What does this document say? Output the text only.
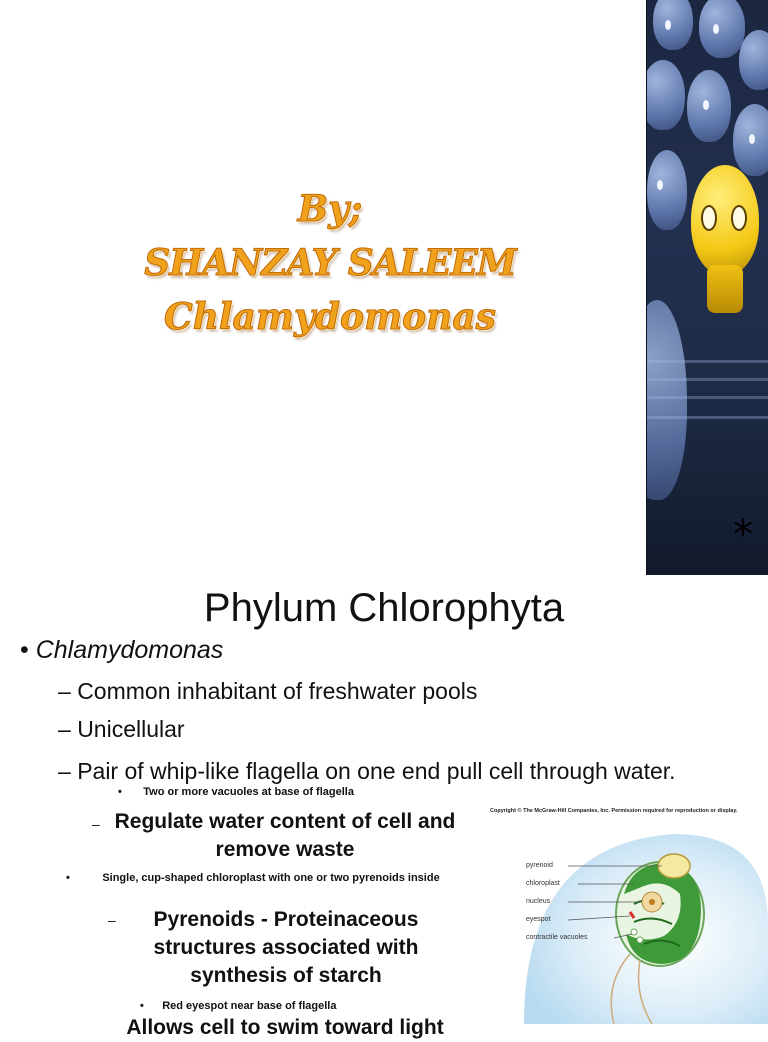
By;
SHANZAY SALEEM
Chlamydomonas
*
Phylum Chlorophyta
• Chlamydomonas
– Common inhabitant of freshwater pools
– Unicellular
– Pair of whip-like flagella on one end pull cell through water.
•       Two or more vacuoles at base of flagella
– Regulate water content of cell and remove waste
•	Single, cup-shaped chloroplast with one or two pyrenoids inside
–	Pyrenoids - Proteinaceous structures associated with synthesis of starch
•      Red eyespot near base of flagella
Allows cell to swim toward light
Copyright © The McGraw-Hill Companies, Inc. Permission required for reproduction or display.
pyrenoid
chloroplast
nucleus
eyespot
contractile vacuoles
